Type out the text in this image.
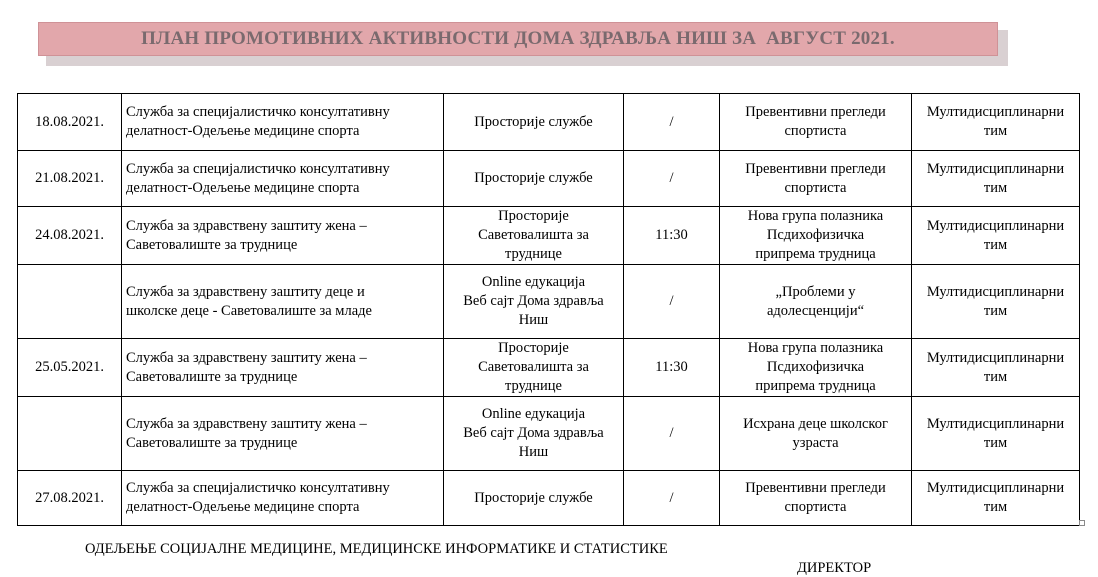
ПЛАН ПРОМОТИВНИХ АКТИВНОСТИ ДОМА ЗДРАВЉА НИШ ЗА  АВГУСТ 2021.
18.08.2021.	Служба за специјалистичко консултативну
делатност-Одељење медицине спорта	Просторије службе	/	Превентивни прегледи
спортиста	Мултидисциплинарни
тим

21.08.2021.	Служба за специјалистичко консултативну
делатност-Одељење медицине спорта	Просторије службе	/	Превентивни прегледи
спортиста	Мултидисциплинарни
тим

24.08.2021.	Служба за здравствену заштиту жена –
Саветовалиште за труднице	Просторије
Саветовалишта за
труднице	11:30	Нова група полазника
Псдихофизичка
припрема трудница	Мултидисциплинарни
тим

	Служба за здравствену заштиту деце и
школске деце - Саветовалиште за младе	Online едукација
Веб сајт Дома здравља
Ниш	/	„Проблеми у
адолесценцији“	Мултидисциплинарни
тим

25.05.2021.	Служба за здравствену заштиту жена –
Саветовалиште за труднице	Просторије
Саветовалишта за
труднице	11:30	Нова група полазника
Псдихофизичка
припрема трудница	Мултидисциплинарни
тим

	Служба за здравствену заштиту жена –
Саветовалиште за труднице	Online едукација
Веб сајт Дома здравља
Ниш	/	Исхрана деце школског
узраста	Мултидисциплинарни
тим

27.08.2021.	Служба за специјалистичко консултативну
делатност-Одељење медицине спорта	Просторије службе	/	Превентивни прегледи
спортиста	Мултидисциплинарни
тим
ОДЕЉЕЊЕ СОЦИЈАЛНЕ МЕДИЦИНЕ, МЕДИЦИНСКЕ ИНФОРМАТИКЕ И СТАТИСТИКЕ
ДИРЕКТОР
